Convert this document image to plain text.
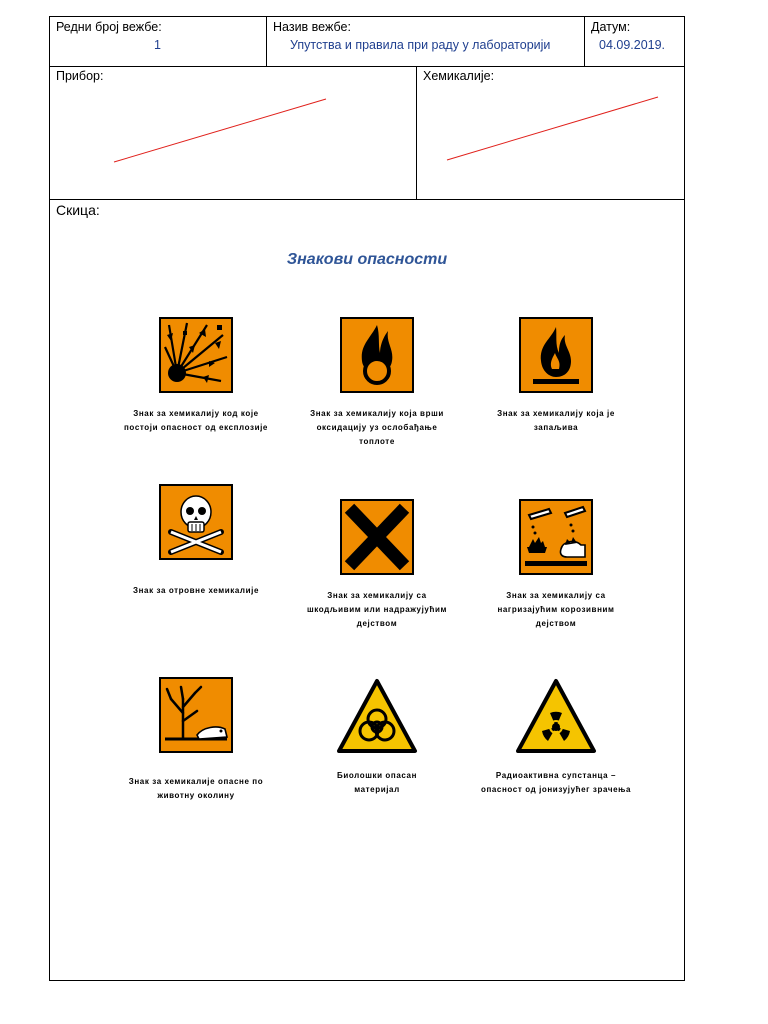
Редни број вежбе:
1
Назив вежбе:
Упутства и правила при раду у лабораторији
Датум:
04.09.2019.
Прибор:	Хемикалије:
Скица:
Знакови опасности
Знак за хемикалију код које
постоји опасност од експлозије
Знак за хемикалију која врши
оксидацију уз ослобађање
топлоте
Знак за хемикалију која је
запаљива
Знак за отровне хемикалије
Знак за хемикалију са
шкодљивим или надражујућим
дејством
Знак за хемикалију са
нагризајућим корозивним
дејством
Знак за хемикалије опасне по
животну околину
Биолошки опасан
материјал
Радиоактивна супстанца –
опасност од јонизујућег зрачења
